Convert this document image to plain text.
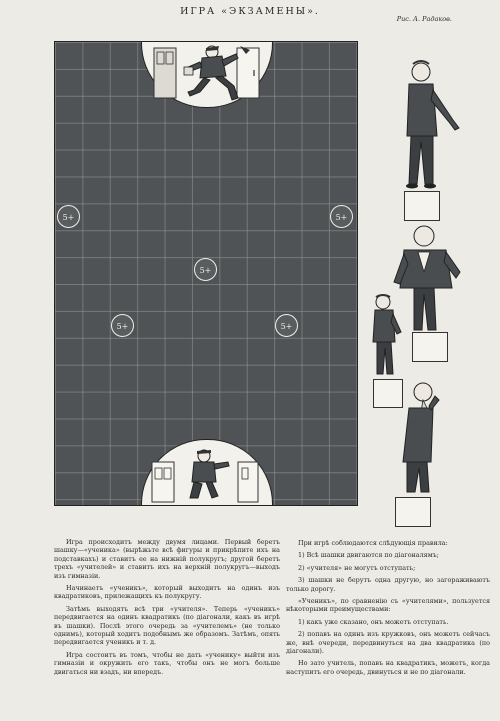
ИГРА «ЭКЗАМЕНЫ».
Рис. А. Радаков.
5+	5+
5+
5+	5+

Игра происходитъ между двумя лицами. Первый беретъ шашку—«ученика» (вырѣжьте всѣ фигуры и прикрѣпите ихъ на подставкахъ) и ставитъ ее на нижній полукругъ; другой беретъ трехъ «учителей» и ставитъ ихъ на верхній полукругъ—выходъ изъ гимназіи.

Начинаетъ «ученикъ», который выходитъ на одинъ изъ квадратиковъ, прилежащихъ къ полукругу.

Затѣмъ выходятъ всѣ три «учителя». Теперь «ученикъ» передвигается на одинъ квадратикъ (по діагонали, какъ въ игрѣ въ шашки). Послѣ этого очередь за «учителемъ» (не только однимъ), который ходитъ подобнымъ же образомъ. Затѣмъ, опять передвигается ученикъ и т. д.

Игра состоитъ въ томъ, чтобы не дать «ученику» выйти изъ гимназіи и окружить его такъ, чтобы онъ не могъ больше двигаться ни взадъ, ни впередъ.

При игрѣ соблюдаются слѣдующія правила:

1) Всѣ шашки двигаются по діагоналямъ;

2) «учителя» не могутъ отступать;

3) шашки не берутъ одна другую, но загораживаютъ только дорогу.

«Ученикъ», по сравненію съ «учителями», пользуется нѣкоторыми преимуществами:

1) какъ уже сказано, онъ можетъ отступать.

2) попавъ на одинъ изъ кружковъ, онъ можетъ сейчасъ же, внѣ очереди, передвинуться на два квадратика (по діагонали).

Но зато учитель, попавъ на квадратикъ, можетъ, когда наступитъ его очередь, двинуться и не по діагонали.
